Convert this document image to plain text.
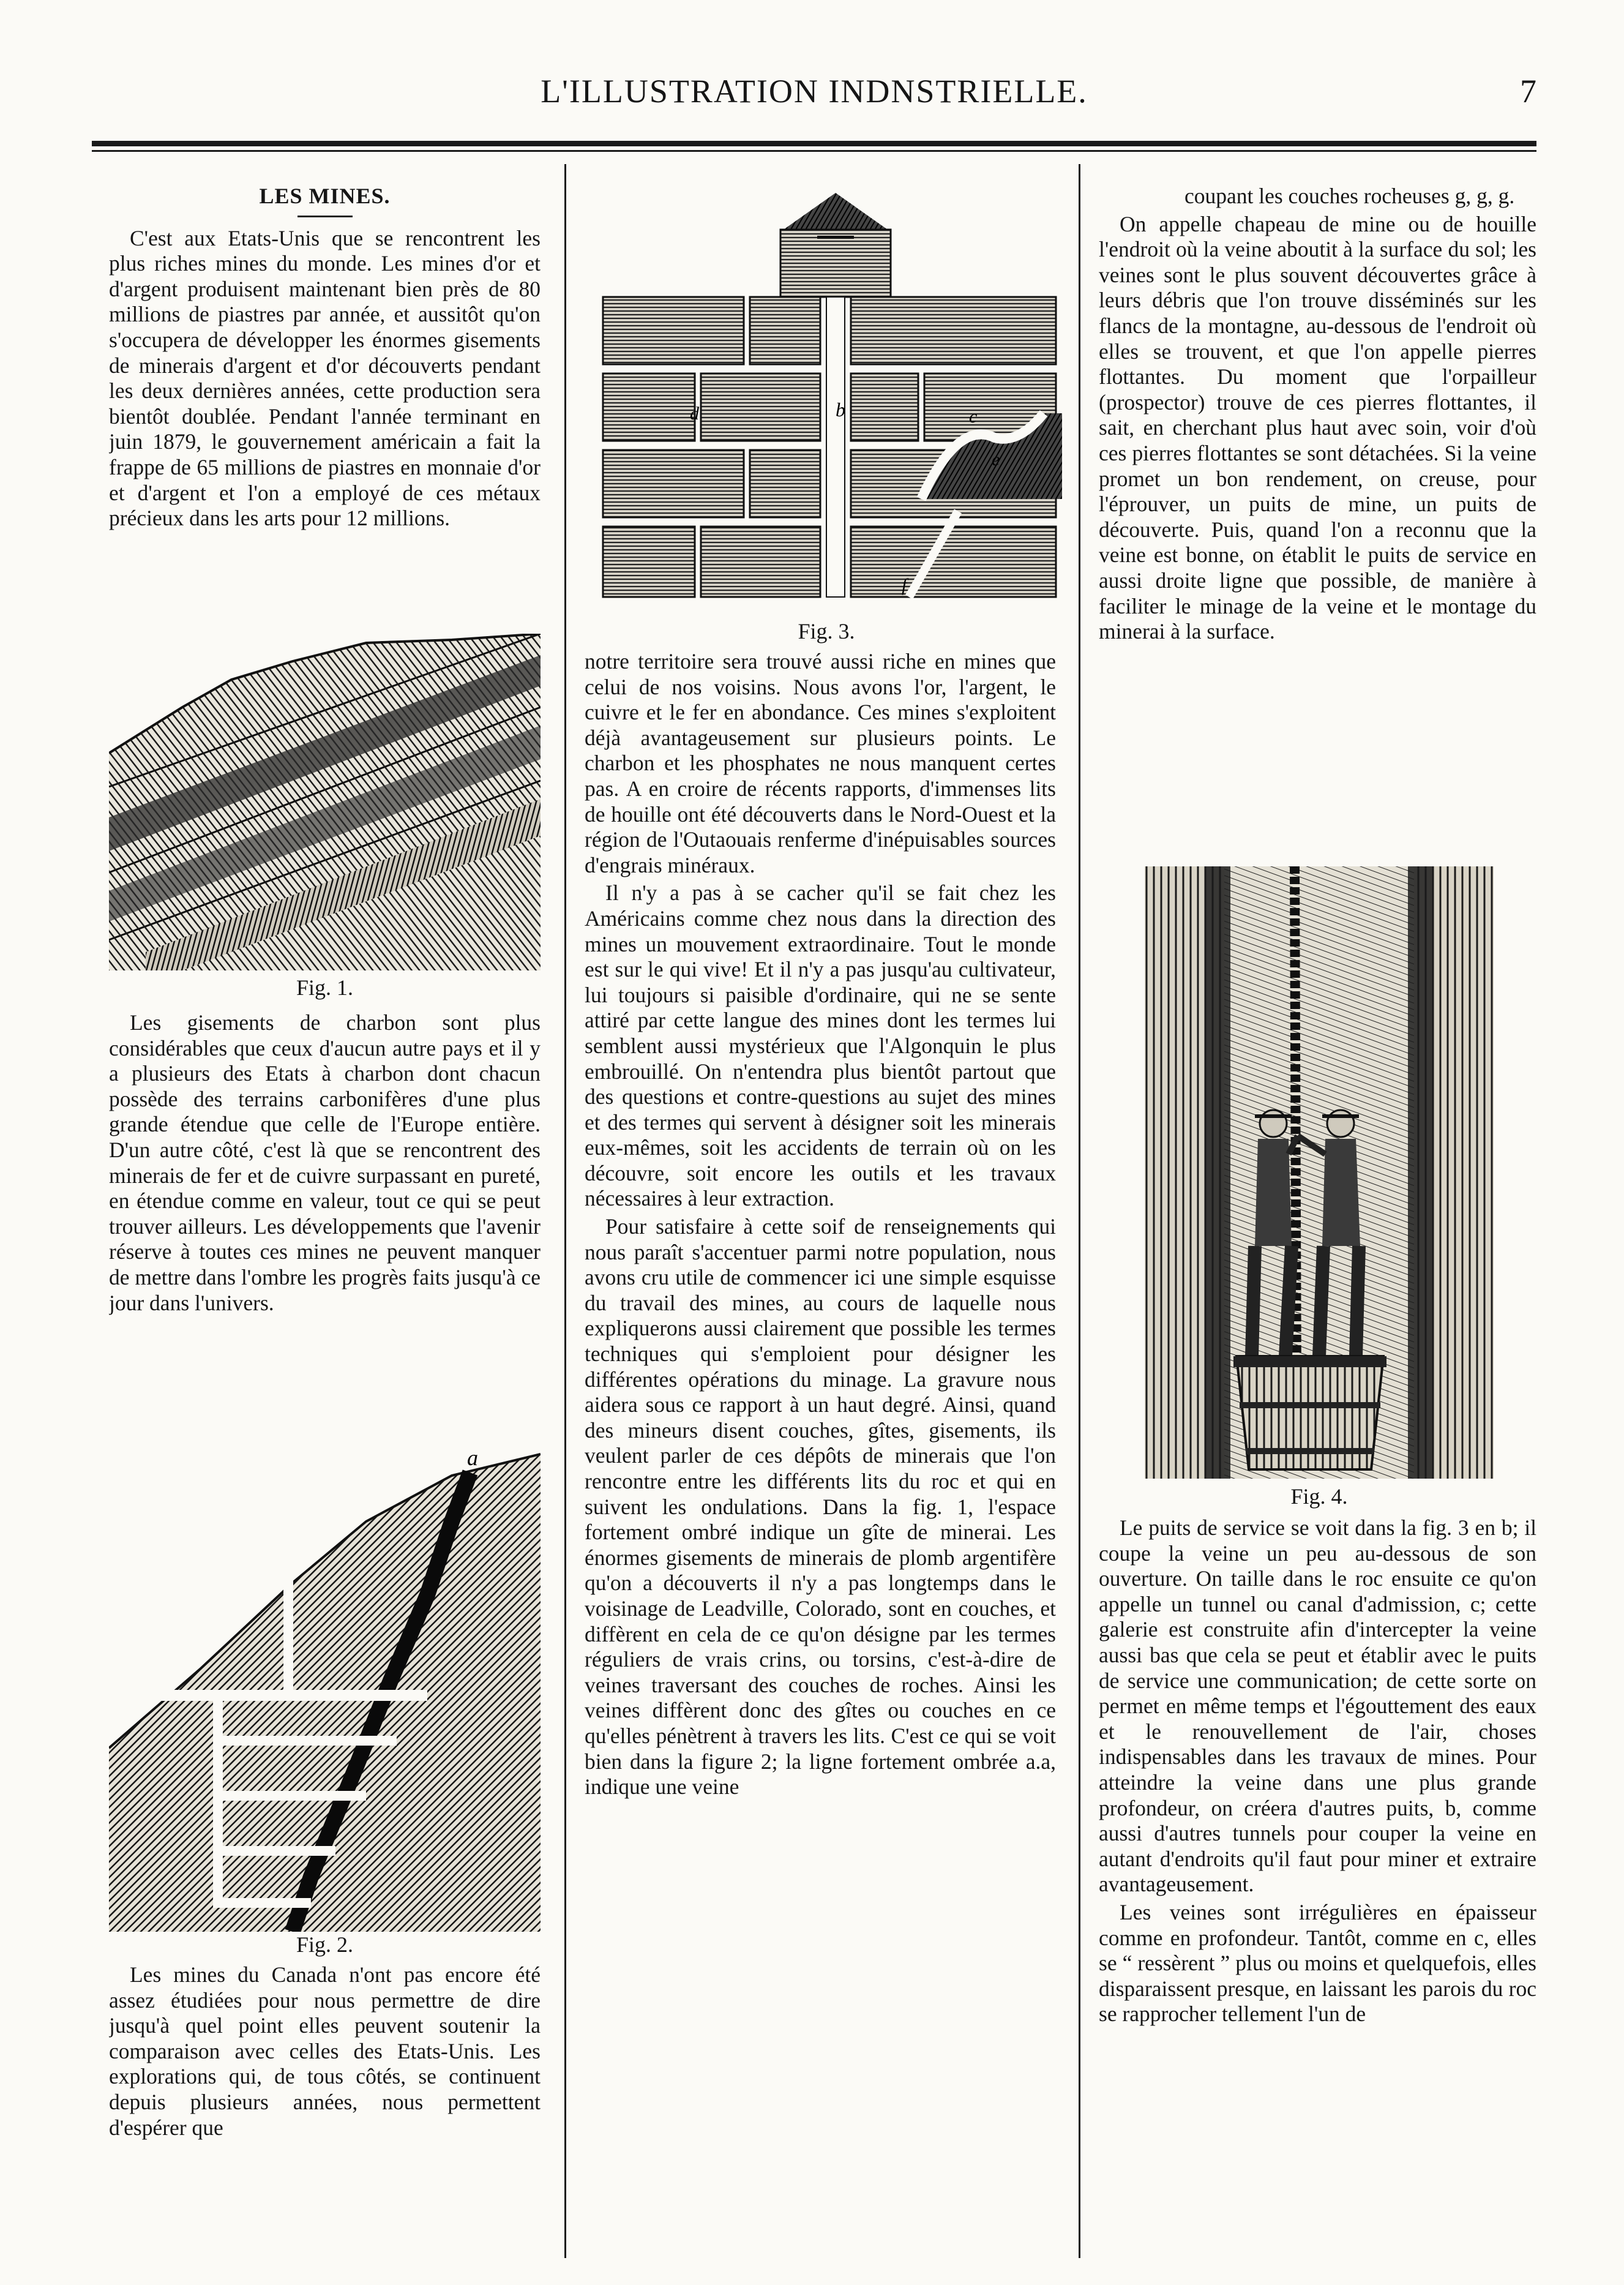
L'ILLUSTRATION INDNSTRIELLE.	7
LES MINES.

C'est aux Etats-Unis que se rencontrent les plus riches mines du monde. Les mines d'or et d'argent produisent maintenant bien près de 80 millions de piastres par année, et aussitôt qu'on s'occupera de développer les énormes gisements de minerais d'argent et d'or découverts pendant les deux dernières années, cette production sera bientôt doublée. Pendant l'année terminant en juin 1879, le gouvernement américain a fait la frappe de 65 millions de piastres en monnaie d'or et d'argent et l'on a employé de ces métaux précieux dans les arts pour 12 millions.

Fig. 1.

Les gisements de charbon sont plus considérables que ceux d'aucun autre pays et il y a plusieurs des Etats à charbon dont chacun possède des terrains carbonifères d'une plus grande étendue que celle de l'Europe entière. D'un autre côté, c'est là que se rencontrent des minerais de fer et de cuivre surpassant en pureté, en étendue comme en valeur, tout ce qui se peut trouver ailleurs. Les développements que l'avenir réserve à toutes ces mines ne peuvent manquer de mettre dans l'ombre les progrès faits jusqu'à ce jour dans l'univers.

a
Fig. 2.

Les mines du Canada n'ont pas encore été assez étudiées pour nous permettre de dire jusqu'à quel point elles peuvent soutenir la comparaison avec celles des Etats-Unis. Les explorations qui, de tous côtés, se continuent depuis plusieurs années, nous permettent d'espérer que

b
d
e
c
f
Fig. 3.

notre territoire sera trouvé aussi riche en mines que celui de nos voisins. Nous avons l'or, l'argent, le cuivre et le fer en abondance. Ces mines s'exploitent déjà avantageusement sur plusieurs points. Le charbon et les phosphates ne nous manquent certes pas. A en croire de récents rapports, d'immenses lits de houille ont été découverts dans le Nord-Ouest et la région de l'Outaouais renferme d'inépuisables sources d'engrais minéraux.

Il n'y a pas à se cacher qu'il se fait chez les Américains comme chez nous dans la direction des mines un mouvement extraordinaire. Tout le monde est sur le qui vive! Et il n'y a pas jusqu'au cultivateur, lui toujours si paisible d'ordinaire, qui ne se sente attiré par cette langue des mines dont les termes lui semblent aussi mystérieux que l'Algonquin le plus embrouillé. On n'entendra plus bientôt partout que des questions et contre-questions au sujet des mines et des termes qui servent à désigner soit les minerais eux-mêmes, soit les accidents de terrain où on les découvre, soit encore les outils et les travaux nécessaires à leur extraction.

Pour satisfaire à cette soif de renseignements qui nous paraît s'accentuer parmi notre population, nous avons cru utile de commencer ici une simple esquisse du travail des mines, au cours de laquelle nous expliquerons aussi clairement que possible les termes techniques qui s'emploient pour désigner les différentes opérations du minage. La gravure nous aidera sous ce rapport à un haut degré. Ainsi, quand des mineurs disent couches, gîtes, gisements, ils veulent parler de ces dépôts de minerais que l'on rencontre entre les différents lits du roc et qui en suivent les ondulations. Dans la fig. 1, l'espace fortement ombré indique un gîte de minerai. Les énormes gisements de minerais de plomb argentifère qu'on a découverts il n'y a pas longtemps dans le voisinage de Leadville, Colorado, sont en couches, et diffèrent en cela de ce qu'on désigne par les termes réguliers de vrais crins, ou torsins, c'est-à-dire de veines traversant des couches de roches. Ainsi les veines diffèrent donc des gîtes ou couches en ce qu'elles pénètrent à travers les lits. C'est ce qui se voit bien dans la figure 2; la ligne fortement ombrée a.a, indique une veine

coupant les couches rocheuses g, g, g.

On appelle chapeau de mine ou de houille l'endroit où la veine aboutit à la surface du sol; les veines sont le plus souvent découvertes grâce à leurs débris que l'on trouve disséminés sur les flancs de la montagne, au-dessous de l'endroit où elles se trouvent, et que l'on appelle pierres flottantes. Du moment que l'orpailleur (prospector) trouve de ces pierres flottantes, il sait, en cherchant plus haut avec soin, voir d'où ces pierres flottantes se sont détachées. Si la veine promet un bon rendement, on creuse, pour l'éprouver, un puits de mine, un puits de découverte. Puis, quand l'on a reconnu que la veine est bonne, on établit le puits de service en aussi droite ligne que possible, de manière à faciliter le minage de la veine et le montage du minerai à la surface.

Fig. 4.

Le puits de service se voit dans la fig. 3 en b; il coupe la veine un peu au-dessous de son ouverture. On taille dans le roc ensuite ce qu'on appelle un tunnel ou canal d'admission, c; cette galerie est construite afin d'intercepter la veine aussi bas que cela se peut et établir avec le puits de service une communication; de cette sorte on permet en même temps et l'égouttement des eaux et le renouvellement de l'air, choses indispensables dans les travaux de mines. Pour atteindre la veine dans une plus grande profondeur, on créera d'autres puits, b, comme aussi d'autres tunnels pour couper la veine en autant d'endroits qu'il faut pour miner et extraire avantageusement.

Les veines sont irrégulières en épaisseur comme en profondeur. Tantôt, comme en c, elles se “ ressèrent ” plus ou moins et quelquefois, elles disparaissent presque, en laissant les parois du roc se rapprocher tellement l'un de
